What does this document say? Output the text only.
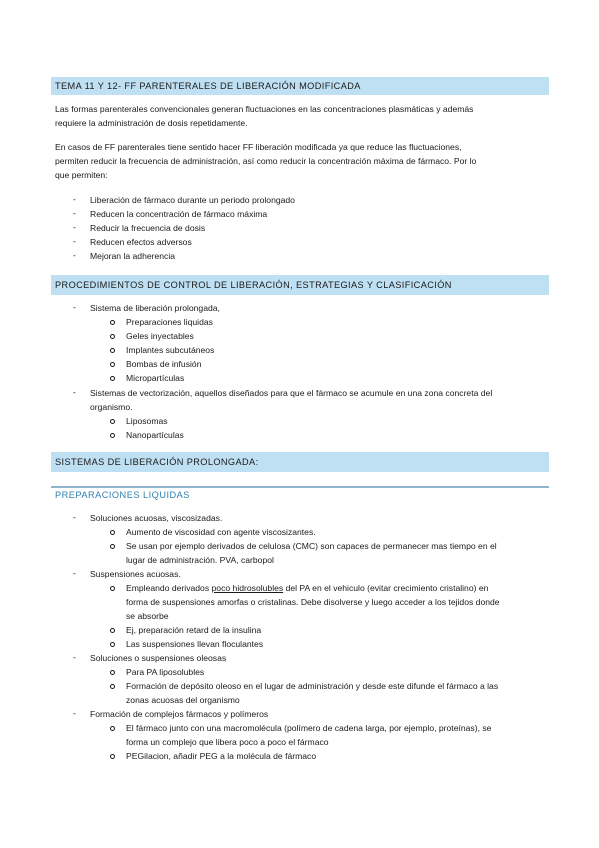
TEMA 11 Y 12- FF PARENTERALES DE LIBERACIÓN MODIFICADA
Las formas parenterales convencionales generan fluctuaciones en las concentraciones plasmáticas y además
requiere la administración de dosis repetidamente.
En casos de FF parenterales tiene sentido hacer FF liberación modificada ya que reduce las fluctuaciones,
permiten reducir la frecuencia de administración, así como reducir la concentración máxima de fármaco. Por lo
que permiten:
- Liberación de fármaco durante un periodo prolongado
- Reducen la concentración de fármaco máxima
- Reducir la frecuencia de dosis
- Reducen efectos adversos
- Mejoran la adherencia
PROCEDIMIENTOS DE CONTROL DE LIBERACIÓN, ESTRATEGIAS Y CLASIFICACIÓN
- Sistema de liberación prolongada,
Preparaciones liquidas
Geles inyectables
Implantes subcutáneos
Bombas de infusión
Micropartículas
- Sistemas de vectorización, aquellos diseñados para que el fármaco se acumule en una zona concreta del
organismo.
Liposomas
Nanopartículas
SISTEMAS DE LIBERACIÓN PROLONGADA:
PREPARACIONES LIQUIDAS
- Soluciones acuosas, viscosizadas.
Aumento de viscosidad con agente viscosizantes.
Se usan por ejemplo derivados de celulosa (CMC) son capaces de permanecer mas tiempo en el
lugar de administración. PVA, carbopol
- Suspensiones acuosas.
Empleando derivados poco hidrosolubles del PA en el vehiculo (evitar crecimiento cristalino) en
forma de suspensiones amorfas o cristalinas. Debe disolverse y luego acceder a los tejidos donde
se absorbe
Ej, preparación retard de la insulina
Las suspensiones llevan floculantes
- Soluciones o suspensiones oleosas
Para PA liposolubles
Formación de depósito oleoso en el lugar de administración y desde este difunde el fármaco a las
zonas acuosas del organismo
- Formación de complejos fármacos y polímeros
El fármaco junto con una macromolécula (polímero de cadena larga, por ejemplo, proteínas), se
forma un complejo que libera poco a poco el fármaco
PEGilacion, añadir PEG a la molécula de fármaco
